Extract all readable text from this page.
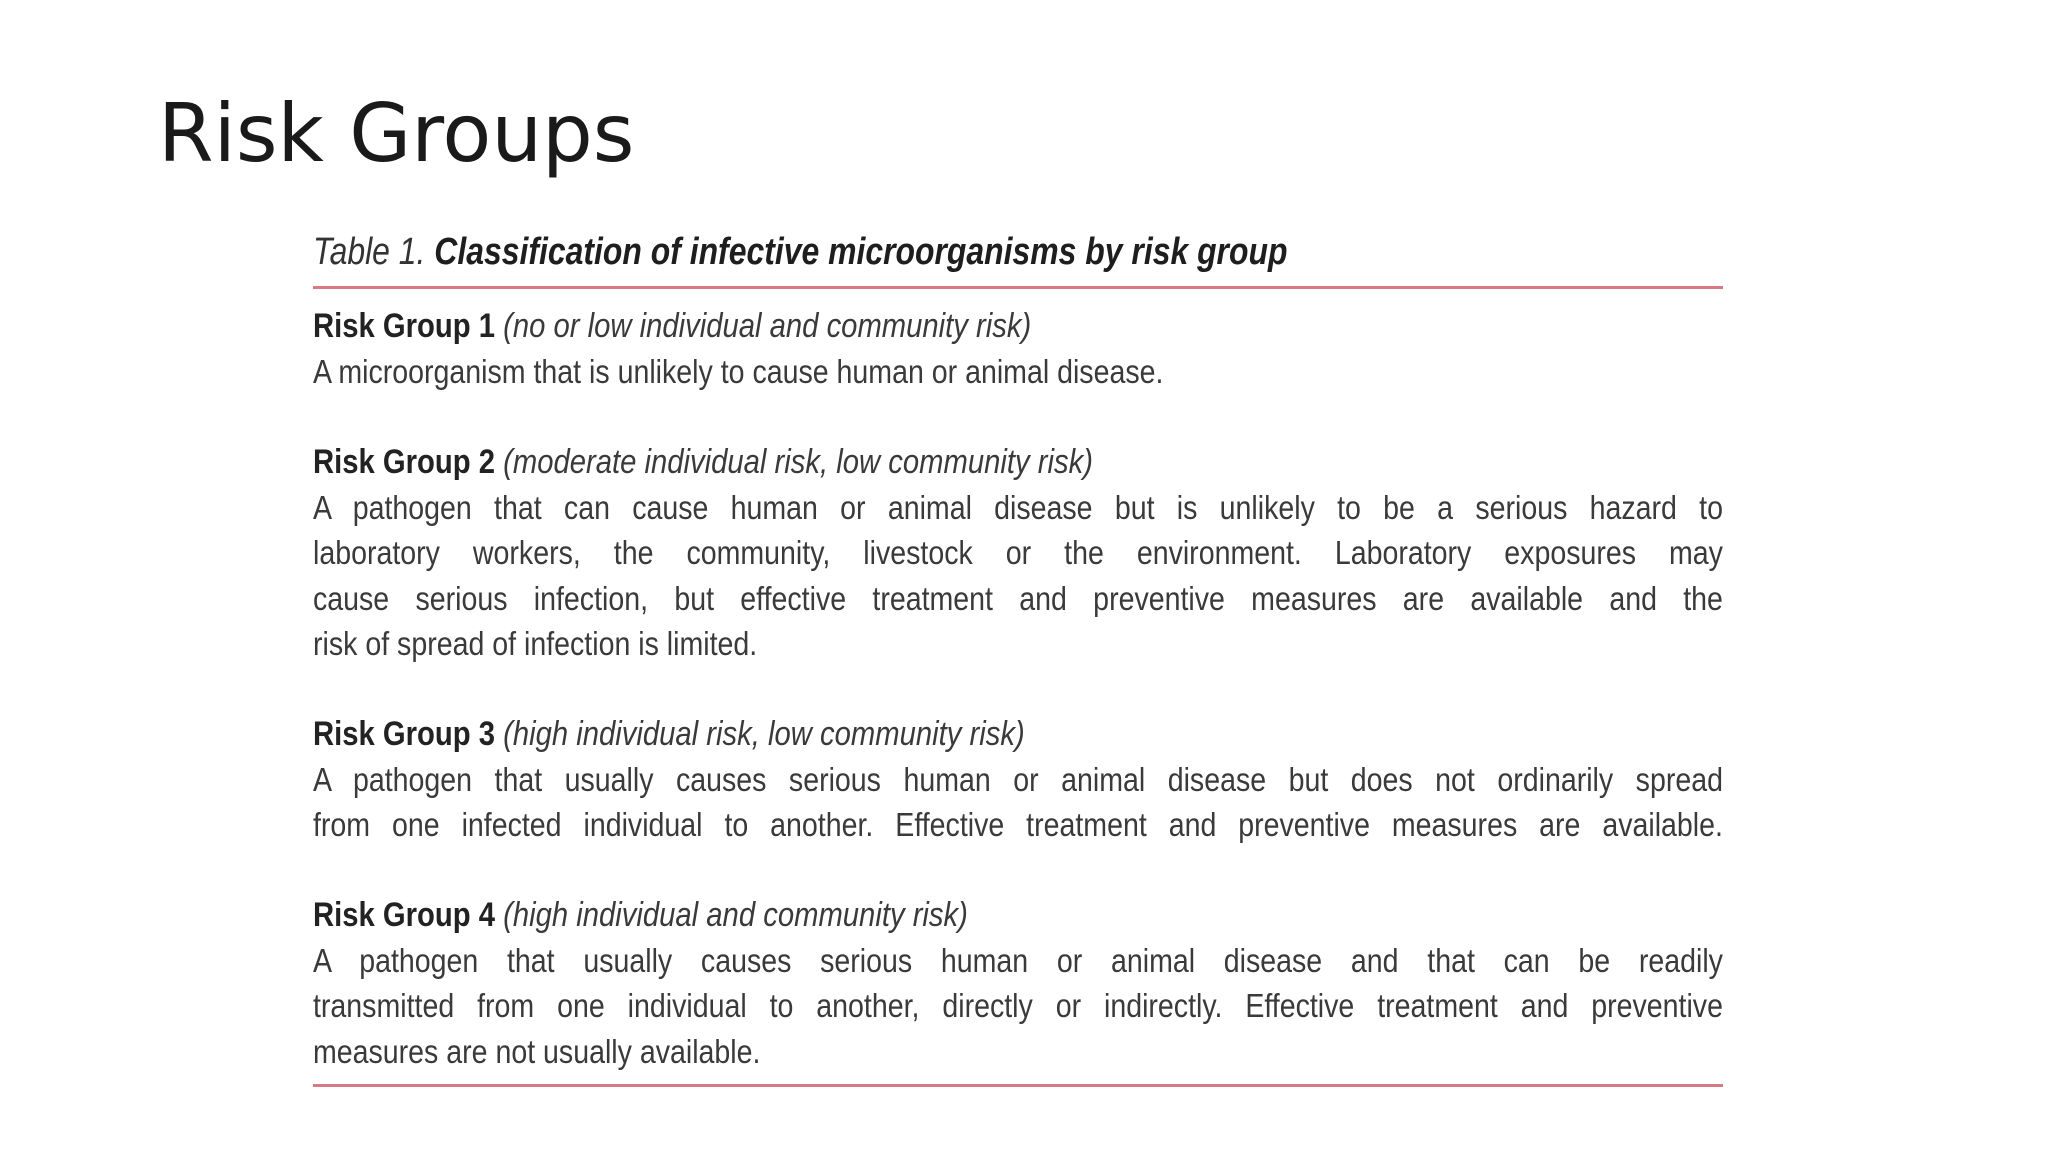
Risk Groups
Table 1. Classification of infective microorganisms by risk group
Risk Group 1 (no or low individual and community risk)
A microorganism that is unlikely to cause human or animal disease.
Risk Group 2 (moderate individual risk, low community risk)
A pathogen that can cause human or animal disease but is unlikely to be a serious hazard to
laboratory workers, the community, livestock or the environment. Laboratory exposures may
cause serious infection, but effective treatment and preventive measures are available and the
risk of spread of infection is limited.
Risk Group 3 (high individual risk, low community risk)
A pathogen that usually causes serious human or animal disease but does not ordinarily spread
from one infected individual to another. Effective treatment and preventive measures are available.
Risk Group 4 (high individual and community risk)
A pathogen that usually causes serious human or animal disease and that can be readily
transmitted from one individual to another, directly or indirectly. Effective treatment and preventive
measures are not usually available.
